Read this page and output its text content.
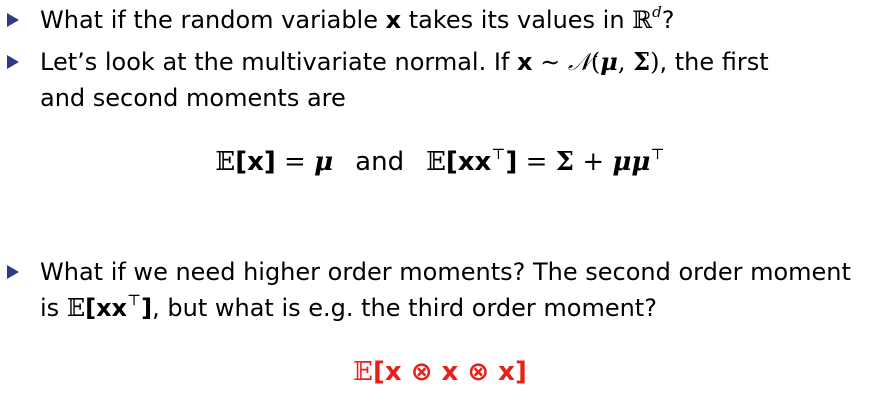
What if the random variable x takes its values in ℝ$^d$?
Let’s look at the multivariate normal. If x ∼ 𝒩(μ, Σ), the first
and second moments are
𝔼[x] = μ and 𝔼[xx⊤] = Σ + μμ⊤
What if we need higher order moments? The second order moment
is 𝔼[xx⊤], but what is e.g. the third order moment?
𝔼[x ⊗ x ⊗ x]
